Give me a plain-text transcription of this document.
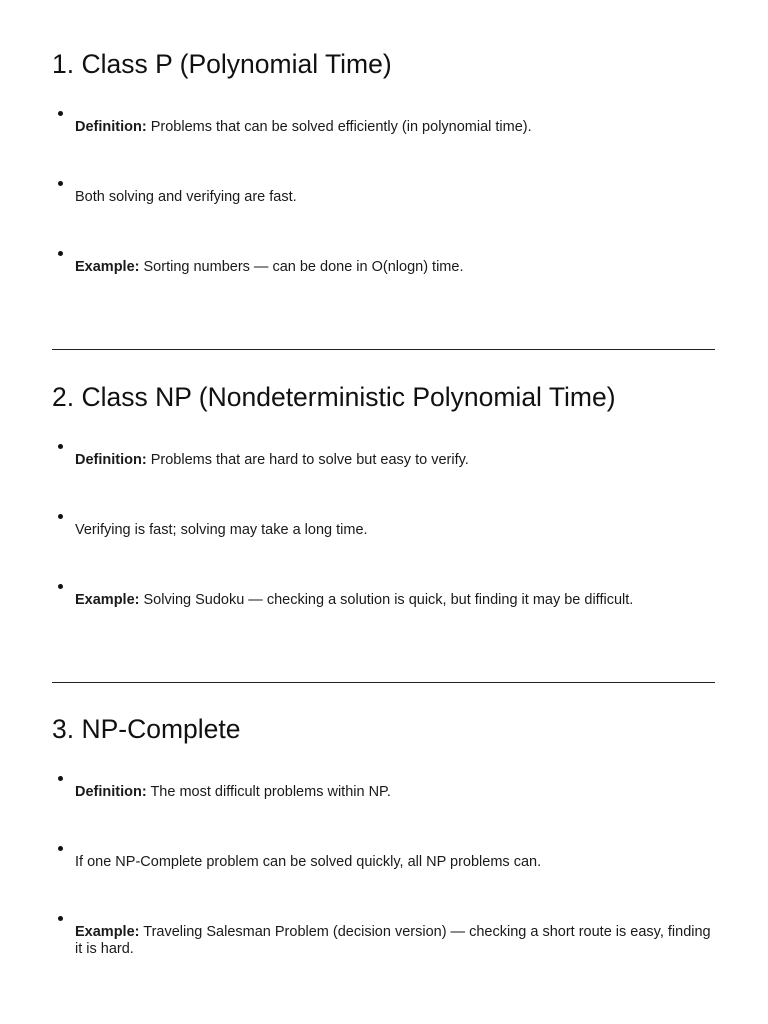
1. Class P (Polynomial Time)
Definition: Problems that can be solved efficiently (in polynomial time).
Both solving and verifying are fast.
Example: Sorting numbers — can be done in O(nlogn) time.
2. Class NP (Nondeterministic Polynomial Time)
Definition: Problems that are hard to solve but easy to verify.
Verifying is fast; solving may take a long time.
Example: Solving Sudoku — checking a solution is quick, but finding it may be difficult.
3. NP-Complete
Definition: The most difficult problems within NP.
If one NP-Complete problem can be solved quickly, all NP problems can.
Example: Traveling Salesman Problem (decision version) — checking a short route is easy, finding it is hard.
